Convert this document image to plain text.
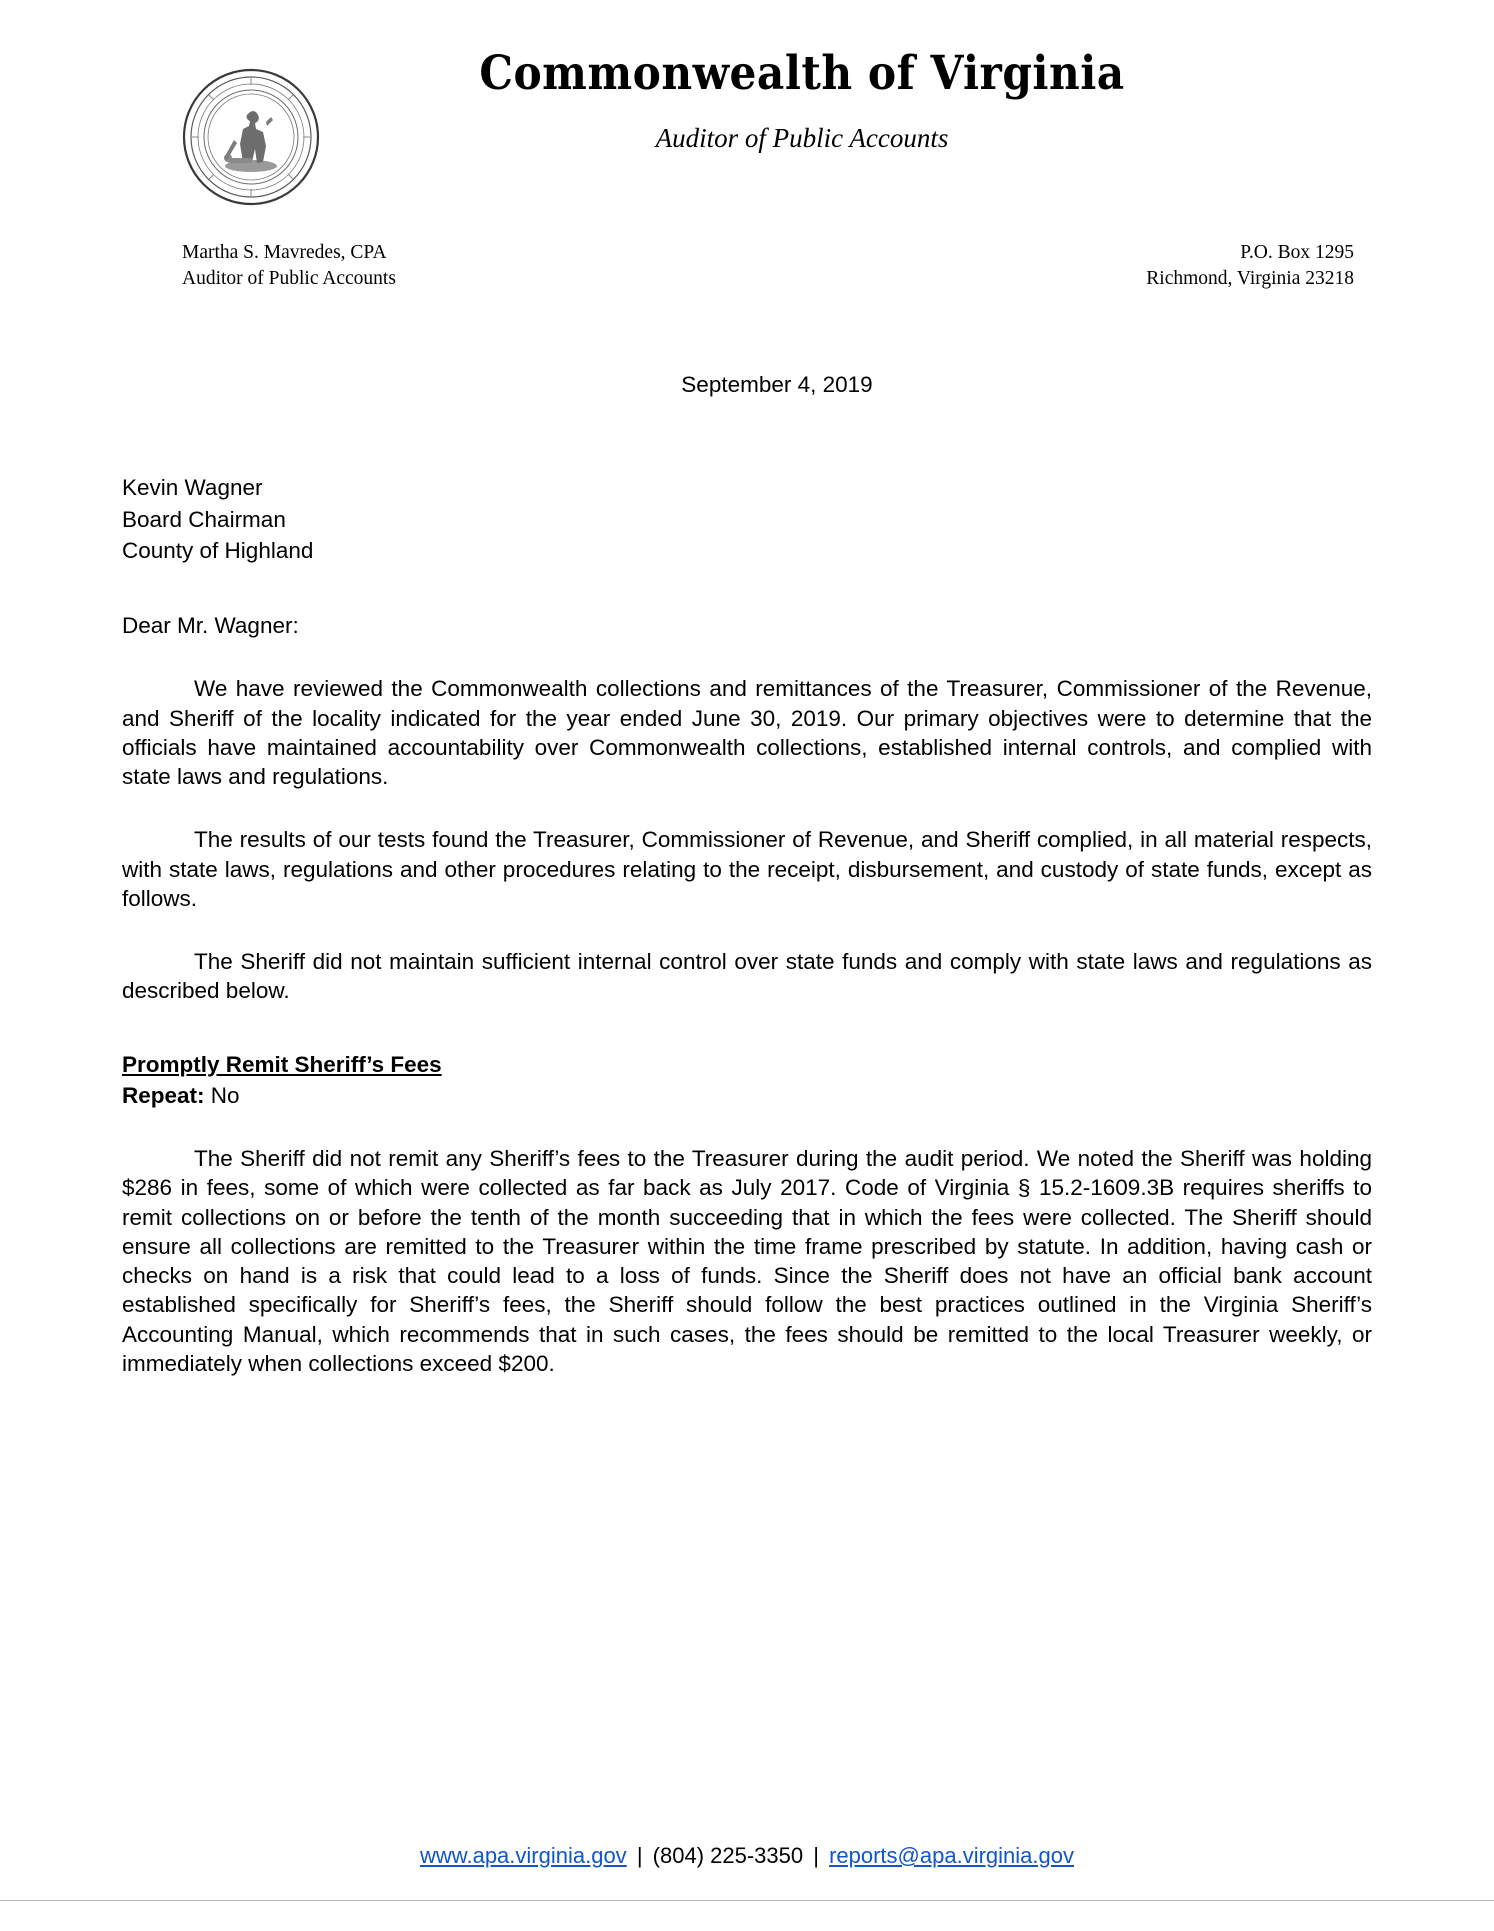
Commonwealth of Virginia
Auditor of Public Accounts
Martha S. Mavredes, CPA
Auditor of Public Accounts
P.O. Box 1295
Richmond, Virginia 23218
September 4, 2019
Kevin Wagner
Board Chairman
County of Highland
Dear Mr. Wagner:

We have reviewed the Commonwealth collections and remittances of the Treasurer, Commissioner of the Revenue, and Sheriff of the locality indicated for the year ended June 30, 2019. Our primary objectives were to determine that the officials have maintained accountability over Commonwealth collections, established internal controls, and complied with state laws and regulations.

The results of our tests found the Treasurer, Commissioner of Revenue, and Sheriff complied, in all material respects, with state laws, regulations and other procedures relating to the receipt, disbursement, and custody of state funds, except as follows.

The Sheriff did not maintain sufficient internal control over state funds and comply with state laws and regulations as described below.

Promptly Remit Sheriff’s Fees
Repeat: No

The Sheriff did not remit any Sheriff’s fees to the Treasurer during the audit period. We noted the Sheriff was holding $286 in fees, some of which were collected as far back as July 2017. Code of Virginia § 15.2-1609.3B requires sheriffs to remit collections on or before the tenth of the month succeeding that in which the fees were collected. The Sheriff should ensure all collections are remitted to the Treasurer within the time frame prescribed by statute. In addition, having cash or checks on hand is a risk that could lead to a loss of funds. Since the Sheriff does not have an official bank account established specifically for Sheriff’s fees, the Sheriff should follow the best practices outlined in the Virginia Sheriff’s Accounting Manual, which recommends that in such cases, the fees should be remitted to the local Treasurer weekly, or immediately when collections exceed $200.

www.apa.virginia.gov | (804) 225-3350 | reports@apa.virginia.gov
